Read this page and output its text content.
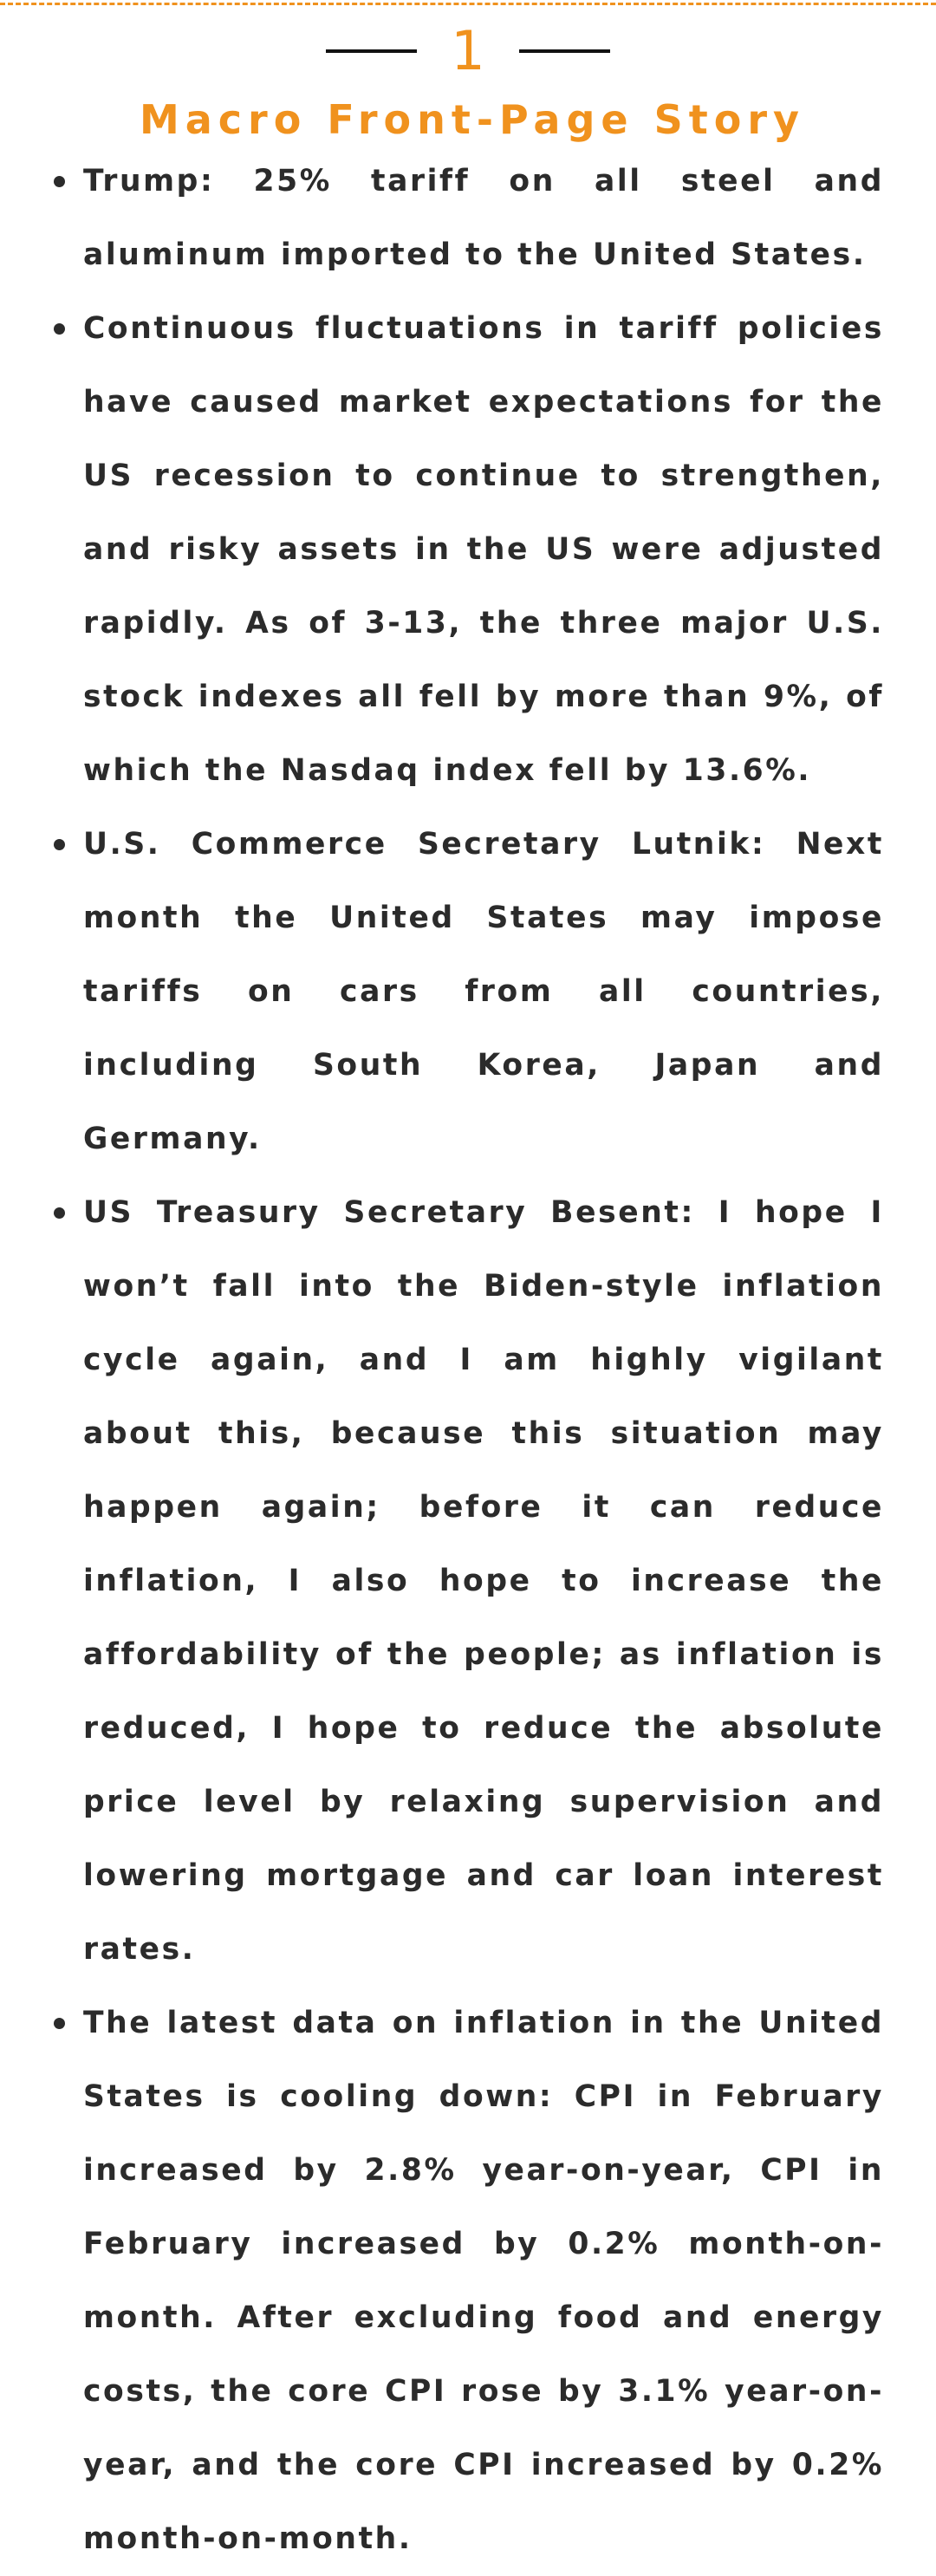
1
Macro Front-Page Story
Trump: 25% tariff on all steel and aluminum imported to the United States.
Continuous fluctuations in tariff policies have caused market expectations for the US recession to continue to strengthen, and risky assets in the US were adjusted rapidly. As of 3-13, the three major U.S. stock indexes all fell by more than 9%, of which the Nasdaq index fell by 13.6%.
U.S. Commerce Secretary Lutnik: Next month the United States may impose tariffs on cars from all countries, including South Korea, Japan and Germany.
US Treasury Secretary Besent: I hope I won’t fall into the Biden-style inflation cycle again, and I am highly vigilant about this, because this situation may happen again; before it can reduce inflation, I also hope to increase the affordability of the people; as inflation is reduced, I hope to reduce the absolute price level by relaxing supervision and lowering mortgage and car loan interest rates.
The latest data on inflation in the United States is cooling down: CPI in February increased by 2.8% year-on-year, CPI in February increased by 0.2% month-on-month. After excluding food and energy costs, the core CPI rose by 3.1% year-on-year, and the core CPI increased by 0.2% month-on-month.
